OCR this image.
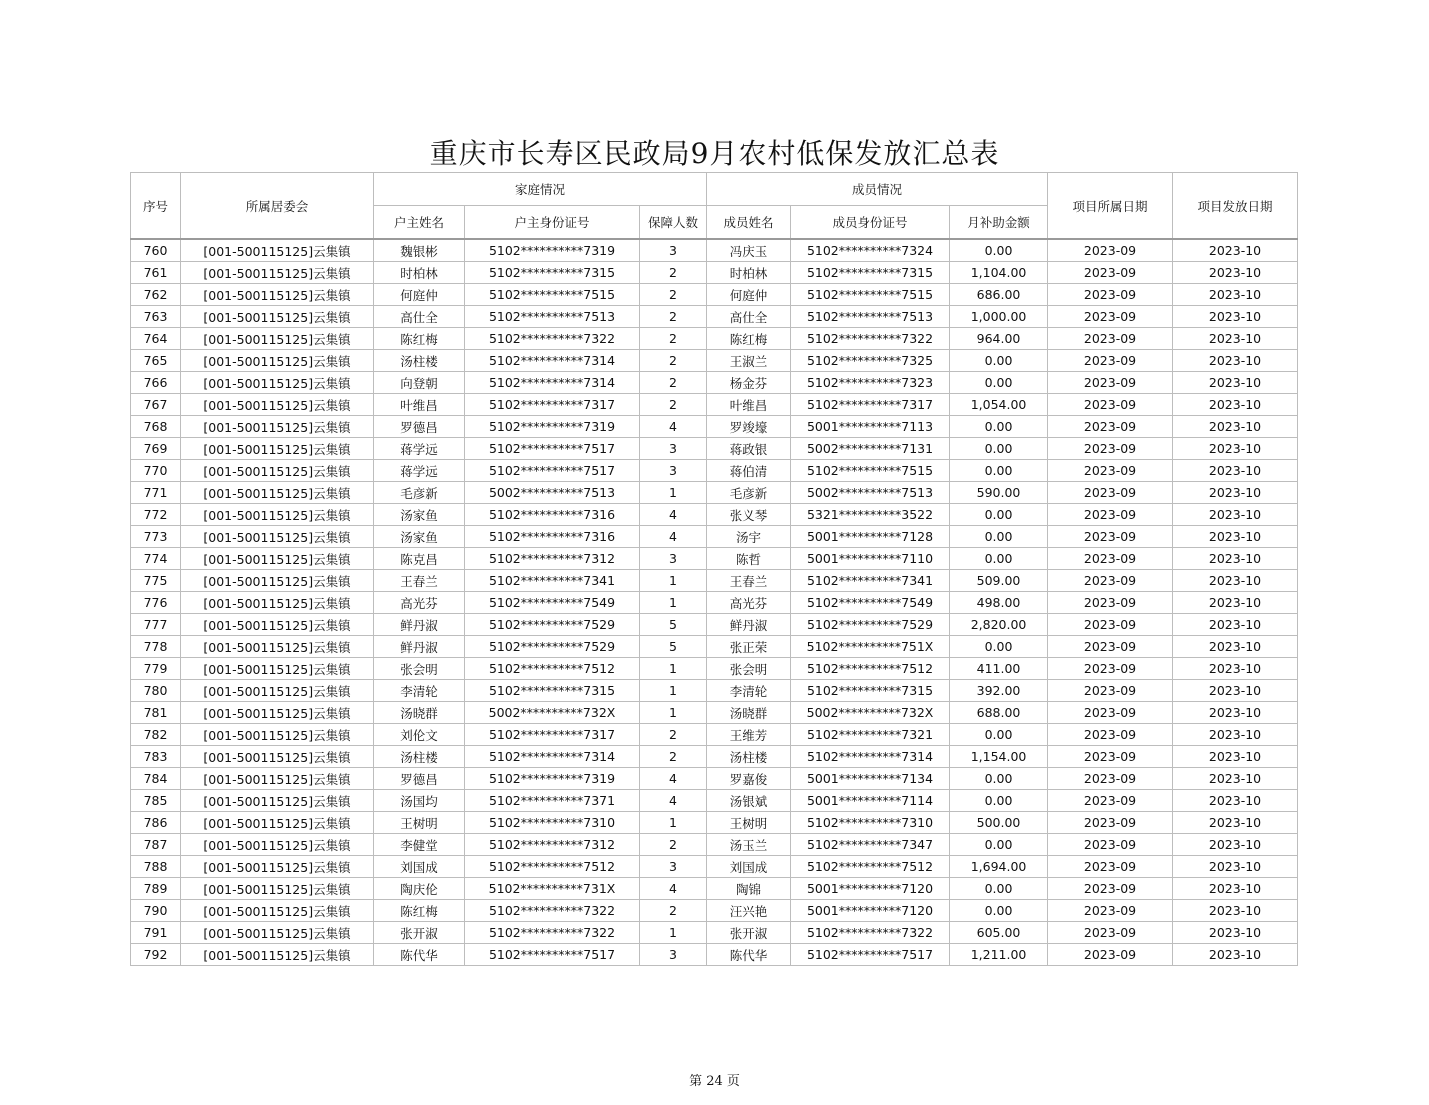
重庆市长寿区民政局9月农村低保发放汇总表
序号	所属居委会	家庭情况			成员情况			项目所属日期	项目发放日期
		户主姓名	户主身份证号	保障人数	成员姓名	成员身份证号	月补助金额		
760	[001-500115125]云集镇	魏银彬	5102**********7319	3	冯庆玉	5102**********7324	0.00	2023-09	2023-10
761	[001-500115125]云集镇	时柏林	5102**********7315	2	时柏林	5102**********7315	1,104.00	2023-09	2023-10
762	[001-500115125]云集镇	何庭仲	5102**********7515	2	何庭仲	5102**********7515	686.00	2023-09	2023-10
763	[001-500115125]云集镇	高仕全	5102**********7513	2	高仕全	5102**********7513	1,000.00	2023-09	2023-10
764	[001-500115125]云集镇	陈红梅	5102**********7322	2	陈红梅	5102**********7322	964.00	2023-09	2023-10
765	[001-500115125]云集镇	汤柱楼	5102**********7314	2	王淑兰	5102**********7325	0.00	2023-09	2023-10
766	[001-500115125]云集镇	向登朝	5102**********7314	2	杨金芬	5102**********7323	0.00	2023-09	2023-10
767	[001-500115125]云集镇	叶维昌	5102**********7317	2	叶维昌	5102**********7317	1,054.00	2023-09	2023-10
768	[001-500115125]云集镇	罗德昌	5102**********7319	4	罗竣壕	5001**********7113	0.00	2023-09	2023-10
769	[001-500115125]云集镇	蒋学远	5102**********7517	3	蒋政银	5002**********7131	0.00	2023-09	2023-10
770	[001-500115125]云集镇	蒋学远	5102**********7517	3	蒋伯清	5102**********7515	0.00	2023-09	2023-10
771	[001-500115125]云集镇	毛彦新	5002**********7513	1	毛彦新	5002**********7513	590.00	2023-09	2023-10
772	[001-500115125]云集镇	汤家鱼	5102**********7316	4	张义琴	5321**********3522	0.00	2023-09	2023-10
773	[001-500115125]云集镇	汤家鱼	5102**********7316	4	汤宇	5001**********7128	0.00	2023-09	2023-10
774	[001-500115125]云集镇	陈克昌	5102**********7312	3	陈哲	5001**********7110	0.00	2023-09	2023-10
775	[001-500115125]云集镇	王春兰	5102**********7341	1	王春兰	5102**********7341	509.00	2023-09	2023-10
776	[001-500115125]云集镇	高光芬	5102**********7549	1	高光芬	5102**********7549	498.00	2023-09	2023-10
777	[001-500115125]云集镇	鲜丹淑	5102**********7529	5	鲜丹淑	5102**********7529	2,820.00	2023-09	2023-10
778	[001-500115125]云集镇	鲜丹淑	5102**********7529	5	张正荣	5102**********751X	0.00	2023-09	2023-10
779	[001-500115125]云集镇	张会明	5102**********7512	1	张会明	5102**********7512	411.00	2023-09	2023-10
780	[001-500115125]云集镇	李清轮	5102**********7315	1	李清轮	5102**********7315	392.00	2023-09	2023-10
781	[001-500115125]云集镇	汤晓群	5002**********732X	1	汤晓群	5002**********732X	688.00	2023-09	2023-10
782	[001-500115125]云集镇	刘伦文	5102**********7317	2	王维芳	5102**********7321	0.00	2023-09	2023-10
783	[001-500115125]云集镇	汤柱楼	5102**********7314	2	汤柱楼	5102**********7314	1,154.00	2023-09	2023-10
784	[001-500115125]云集镇	罗德昌	5102**********7319	4	罗嘉俊	5001**********7134	0.00	2023-09	2023-10
785	[001-500115125]云集镇	汤国均	5102**********7371	4	汤银斌	5001**********7114	0.00	2023-09	2023-10
786	[001-500115125]云集镇	王树明	5102**********7310	1	王树明	5102**********7310	500.00	2023-09	2023-10
787	[001-500115125]云集镇	李健堂	5102**********7312	2	汤玉兰	5102**********7347	0.00	2023-09	2023-10
788	[001-500115125]云集镇	刘国成	5102**********7512	3	刘国成	5102**********7512	1,694.00	2023-09	2023-10
789	[001-500115125]云集镇	陶庆伦	5102**********731X	4	陶锦	5001**********7120	0.00	2023-09	2023-10
790	[001-500115125]云集镇	陈红梅	5102**********7322	2	汪兴艳	5001**********7120	0.00	2023-09	2023-10
791	[001-500115125]云集镇	张开淑	5102**********7322	1	张开淑	5102**********7322	605.00	2023-09	2023-10
792	[001-500115125]云集镇	陈代华	5102**********7517	3	陈代华	5102**********7517	1,211.00	2023-09	2023-10
第 24 页
